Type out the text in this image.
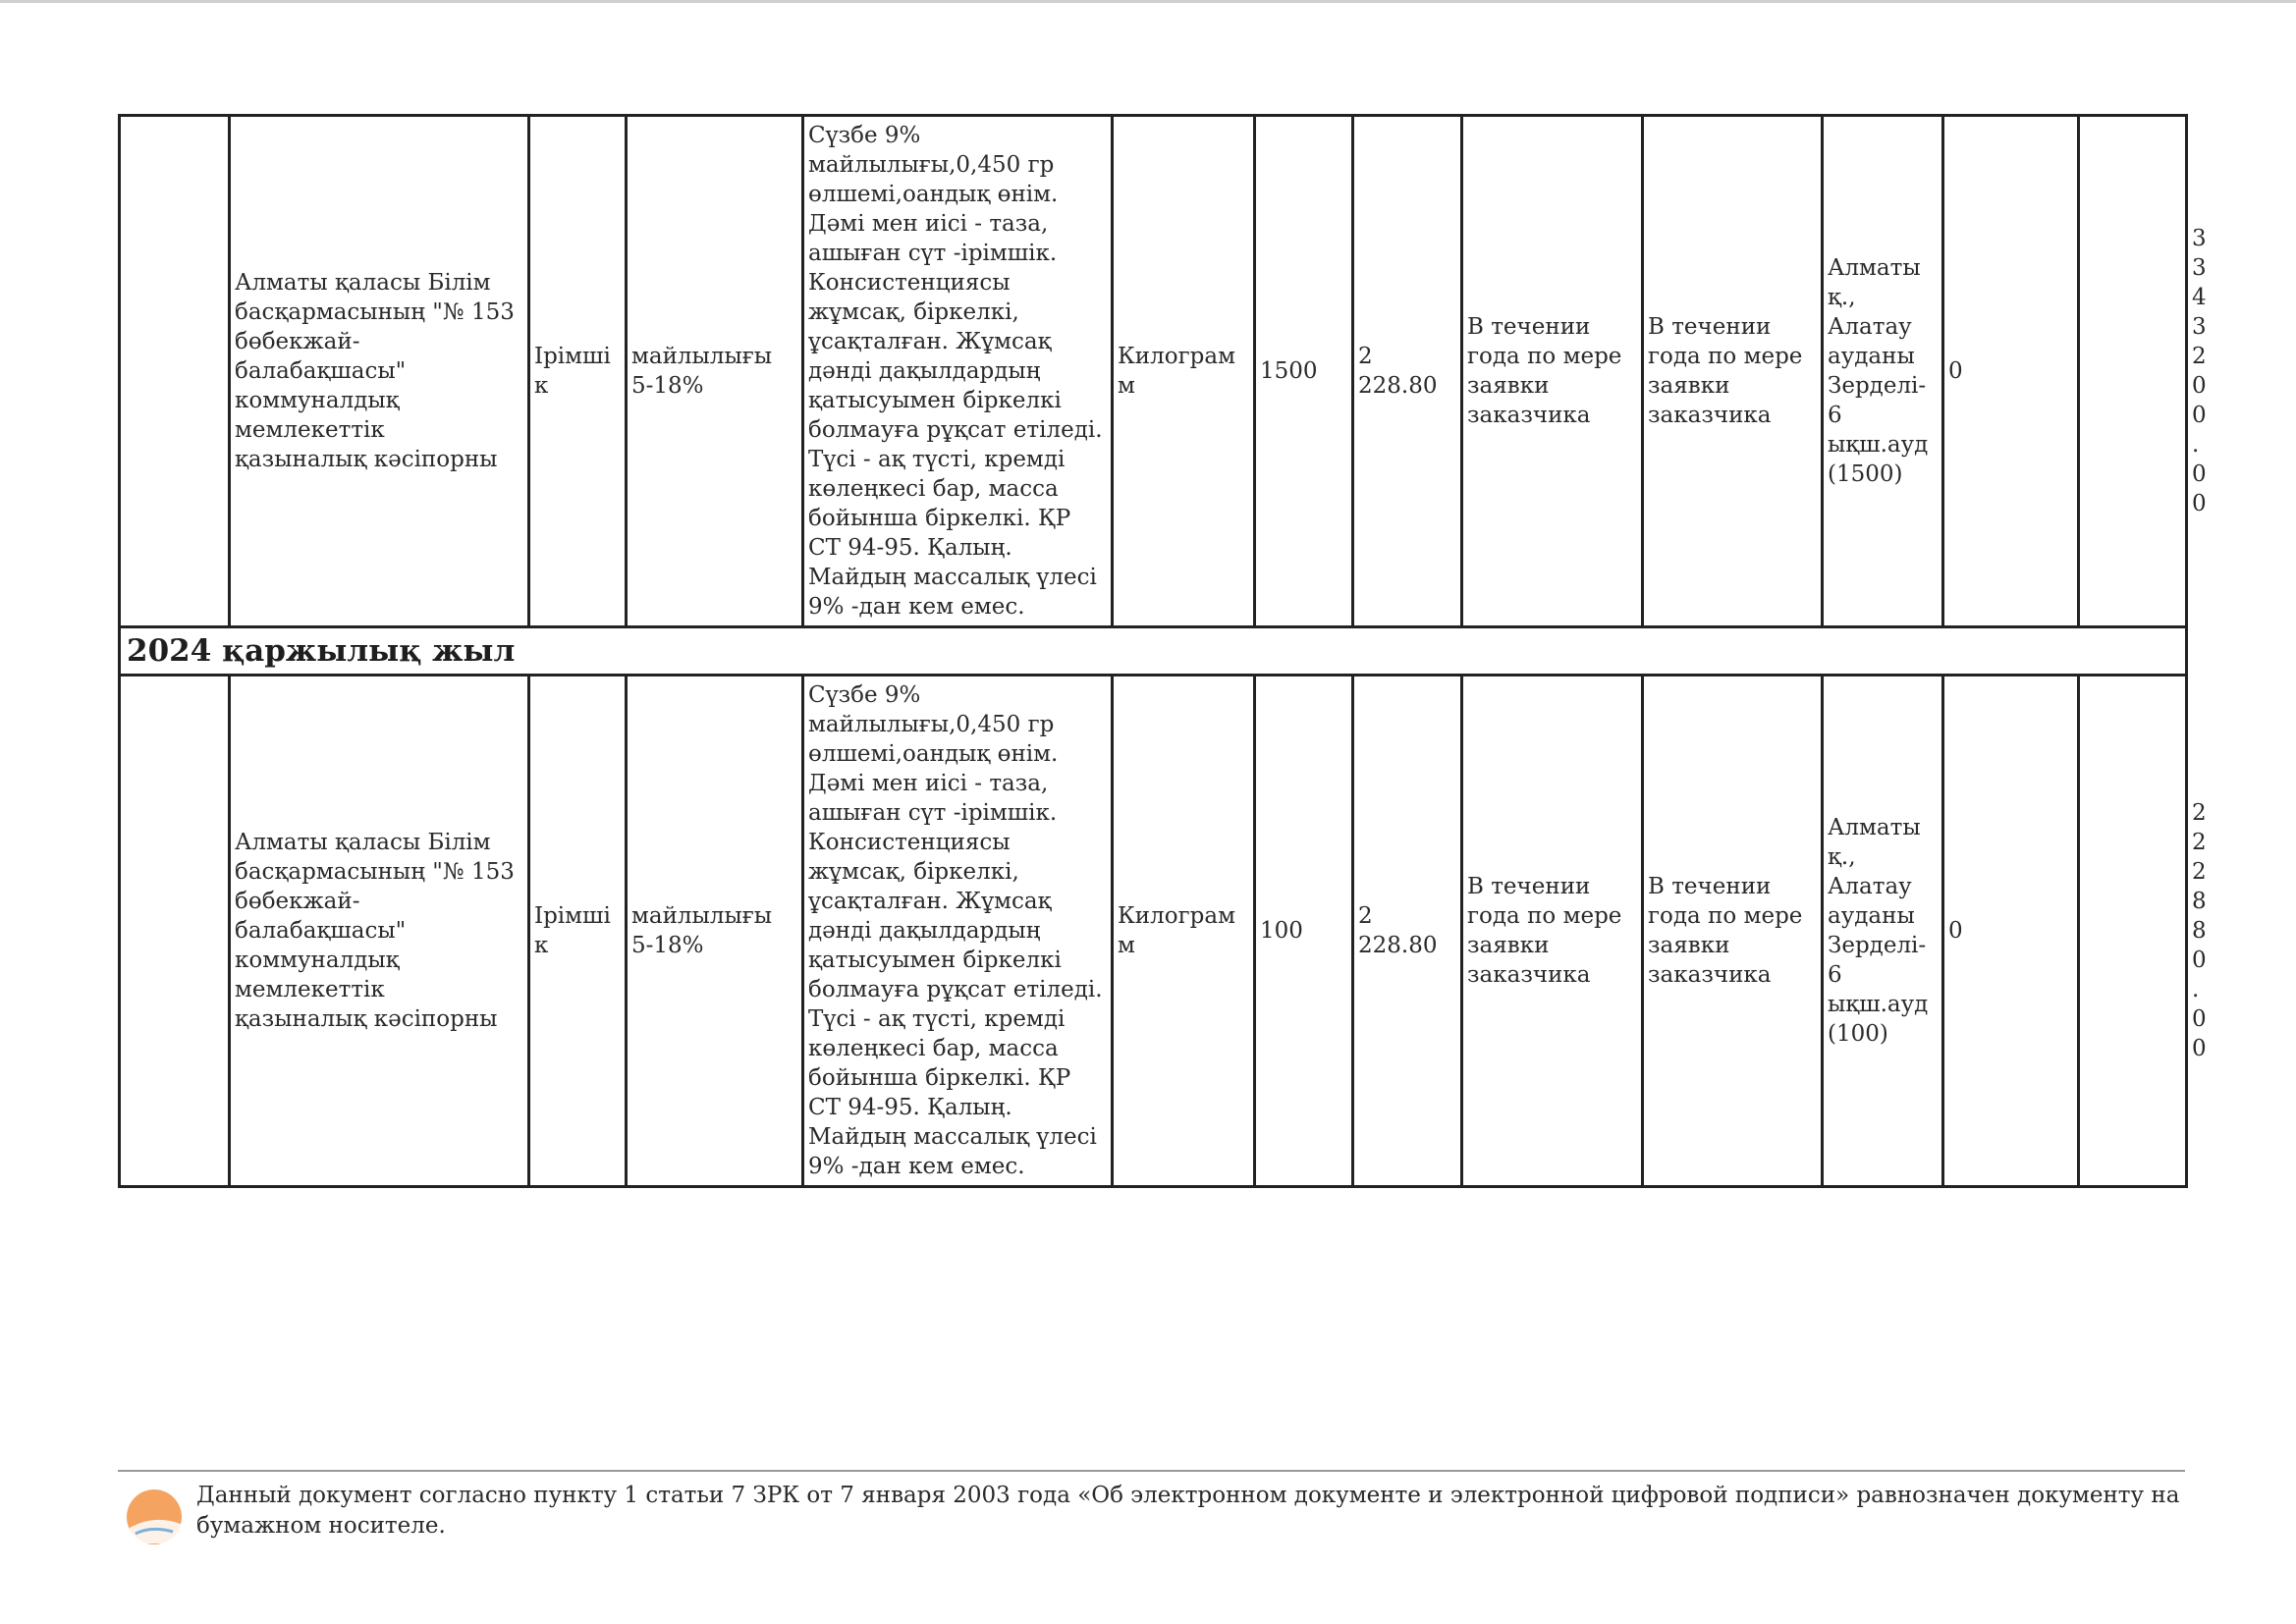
	Алматы қаласы Білім басқармасының "№ 153 бөбекжай-балабақшасы" коммуналдық мемлекеттік қазыналық кәсіпорны	Ірімшік	майлылығы 5-18%	Сүзбе 9% майлылығы,0,450 гр өлшемі,оандық өнім. Дәмі мен иісі - таза, ашыған сүт -ірімшік. Консистенциясы жұмсақ, біркелкі, ұсақталған. Жұмсақ дәнді дақылдардың қатысуымен біркелкі болмауға рұқсат етіледі. Түсі - ақ түсті, кремді көлеңкесі бар, масса бойынша біркелкі. ҚР СТ 94-95. Қалың. Майдың массалық үлесі 9% -дан кем емес.	Килограмм	1500	2 228.80	В течении года по мере заявки заказчика	В течении года по мере заявки заказчика	Алматы қ., Алатау ауданы Зерделі-6 ықш.ауд (1500)	0		3 343 200.00
2024 қаржылық жыл													
	Алматы қаласы Білім басқармасының "№ 153 бөбекжай-балабақшасы" коммуналдық мемлекеттік қазыналық кәсіпорны	Ірімшік	майлылығы 5-18%	Сүзбе 9% майлылығы,0,450 гр өлшемі,оандық өнім. Дәмі мен иісі - таза, ашыған сүт -ірімшік. Консистенциясы жұмсақ, біркелкі, ұсақталған. Жұмсақ дәнді дақылдардың қатысуымен біркелкі болмауға рұқсат етіледі. Түсі - ақ түсті, кремді көлеңкесі бар, масса бойынша біркелкі. ҚР СТ 94-95. Қалың. Майдың массалық үлесі 9% -дан кем емес.	Килограмм	100	2 228.80	В течении года по мере заявки заказчика	В течении года по мере заявки заказчика	Алматы қ., Алатау ауданы Зерделі-6 ықш.ауд (100)	0		222 880.00
Данный документ согласно пункту 1 статьи 7 ЗРК от 7 января 2003 года «Об электронном документе и электронной цифровой подписи» равнозначен документу на бумажном носителе.
